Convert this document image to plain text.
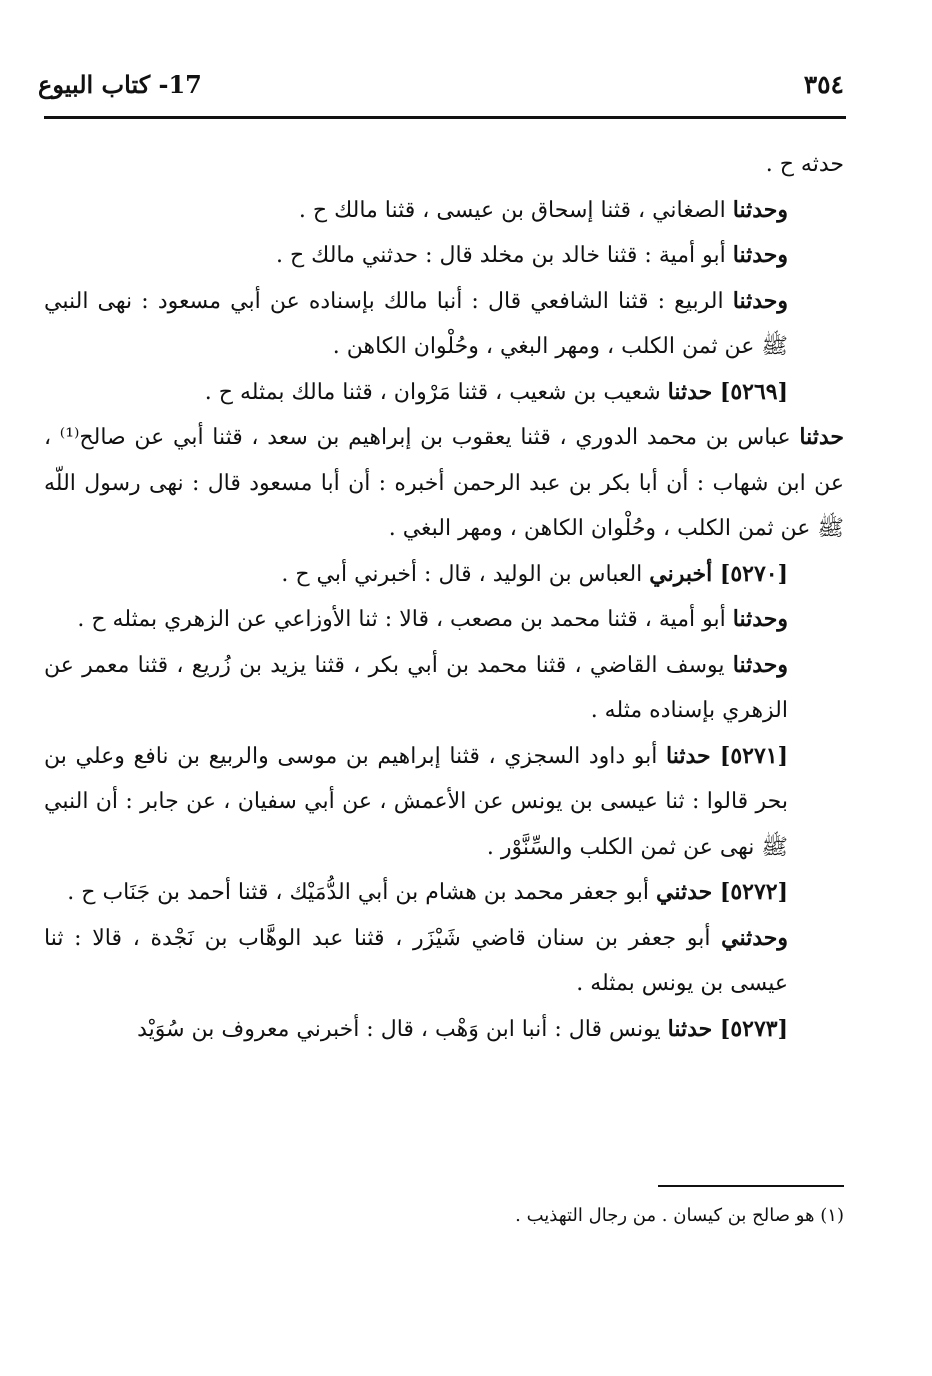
٣٥٤
17- كتاب البيوع

حدثه ح .

وحدثنا الصغاني ، قثنا إسحاق بن عيسى ، قثنا مالك ح .

وحدثنا أبو أمية : قثنا خالد بن مخلد قال : حدثني مالك ح .

وحدثنا الربيع : قثنا الشافعي قال : أنبا مالك بإسناده عن أبي مسعود : نهى النبي ﷺ عن ثمن الكلب ، ومهر البغي ، وحُلْوان الكاهن .

[٥٢٦٩] حدثنا شعيب بن شعيب ، قثنا مَرْوان ، قثنا مالك بمثله ح .

حدثنا عباس بن محمد الدوري ، قثنا يعقوب بن إبراهيم بن سعد ، قثنا أبي عن صالح⁽¹⁾ ، عن ابن شهاب : أن أبا بكر بن عبد الرحمن أخبره : أن أبا مسعود قال : نهى رسول اللّه ﷺ عن ثمن الكلب ، وحُلْوان الكاهن ، ومهر البغي .

[٥٢٧٠] أخبرني العباس بن الوليد ، قال : أخبرني أبي ح .

وحدثنا أبو أمية ، قثنا محمد بن مصعب ، قالا : ثنا الأوزاعي عن الزهري بمثله ح .

وحدثنا يوسف القاضي ، قثنا محمد بن أبي بكر ، قثنا يزيد بن زُريع ، قثنا معمر عن الزهري بإسناده مثله .

[٥٢٧١] حدثنا أبو داود السجزي ، قثنا إبراهيم بن موسى والربيع بن نافع وعلي بن بحر قالوا : ثنا عيسى بن يونس عن الأعمش ، عن أبي سفيان ، عن جابر : أن النبي ﷺ نهى عن ثمن الكلب والسِّنَّوْر .

[٥٢٧٢] حدثني أبو جعفر محمد بن هشام بن أبي الدُّمَيْك ، قثنا أحمد بن جَنَاب ح .

وحدثني أبو جعفر بن سنان قاضي شَيْزَر ، قثنا عبد الوهَّاب بن نَجْدة ، قالا : ثنا عيسى بن يونس بمثله .

[٥٢٧٣] حدثنا يونس قال : أنبا ابن وَهْب ، قال : أخبرني معروف بن سُوَيْد

(١) هو صالح بن كيسان . من رجال التهذيب .
